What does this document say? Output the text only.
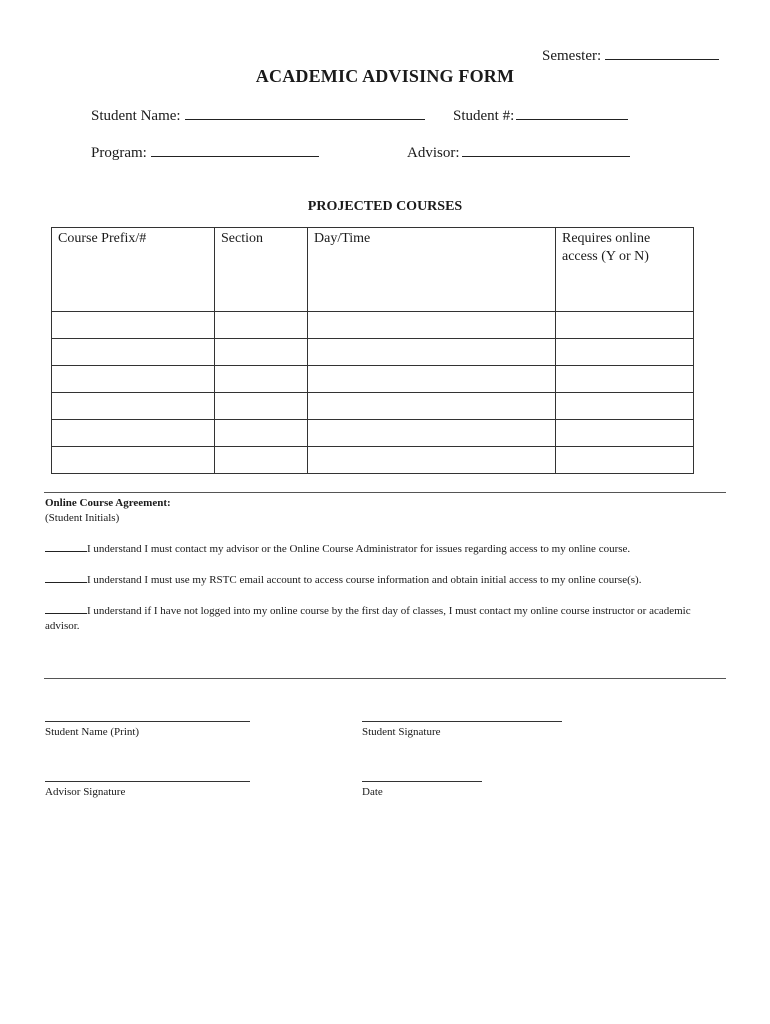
Semester:
ACADEMIC ADVISING FORM
Student Name:	Student #:
Program:	Advisor:
PROJECTED COURSES
Course Prefix/#	Section	Day/Time	Requires online access (Y or N)

Online Course Agreement:

(Student Initials)

I understand I must contact my advisor or the Online Course Administrator for issues regarding access to my online course.

I understand I must use my RSTC email account to access course information and obtain initial access to my online course(s).

I understand if I have not logged into my online course by the first day of classes, I must contact my online course instructor or academic advisor.

Student Name (Print)	Student Signature
Advisor Signature	Date
